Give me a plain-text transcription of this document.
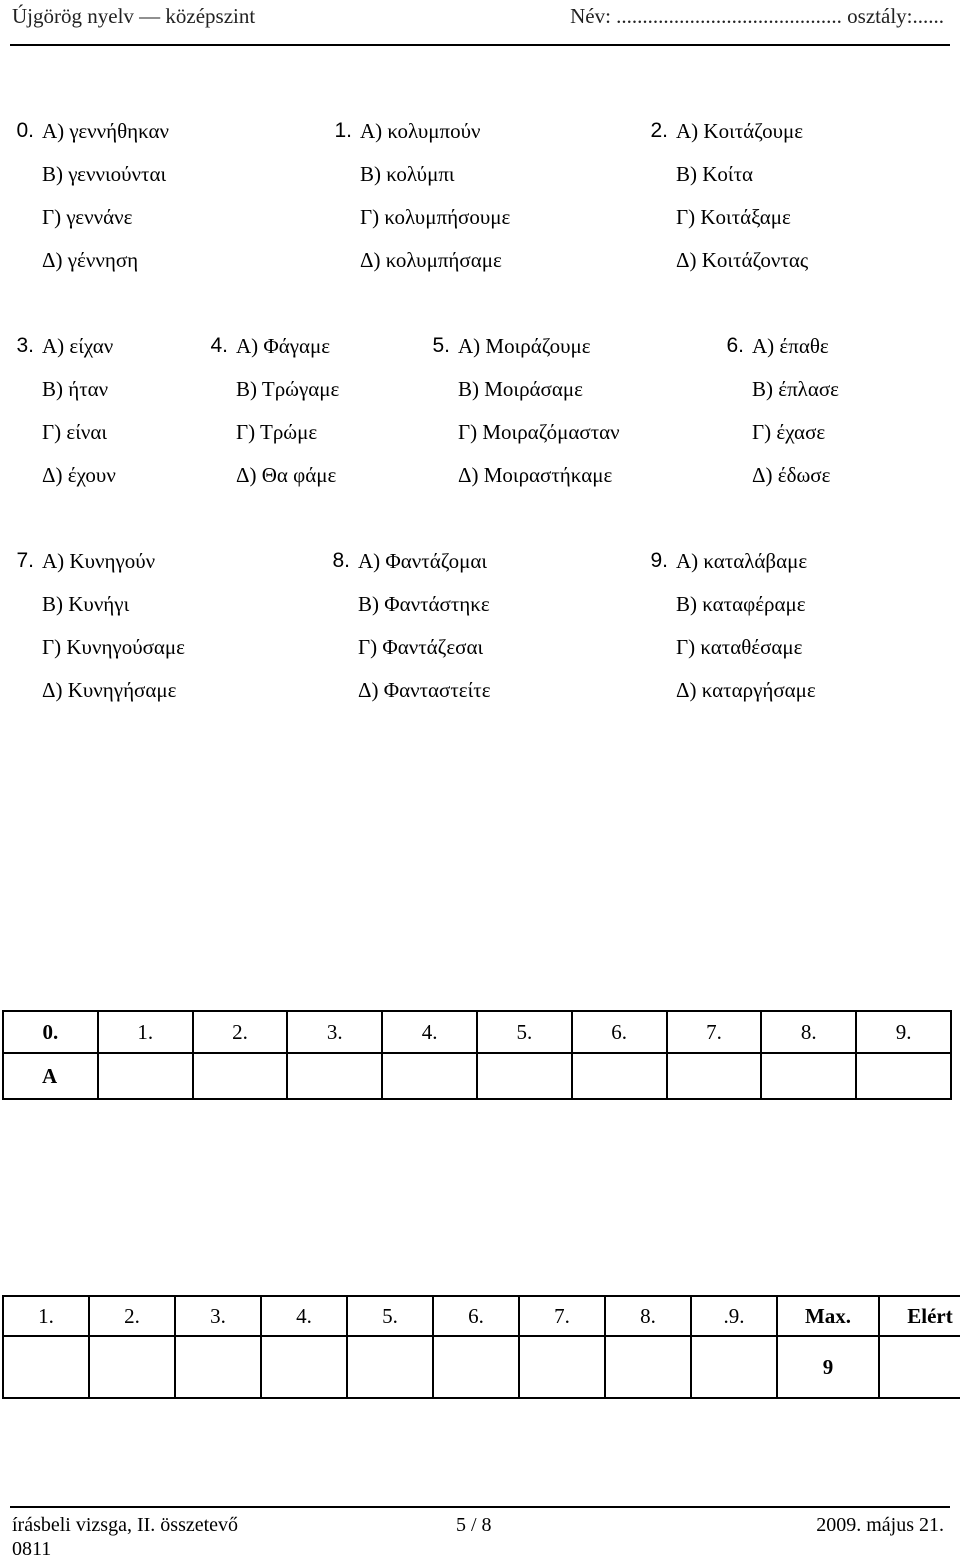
Újgörög nyelv — középszint	Név: ........................................... osztály:......
0. Α) γεννήθηκαν
Β) γεννιούνται
Γ) γεννάνε
Δ) γέννηση
1. Α) κολυμπούν
Β) κολύμπι
Γ) κολυμπήσουμε
Δ) κολυμπήσαμε
2. Α) Κοιτάζουμε
Β) Κοίτα
Γ) Κοιτάξαμε
Δ) Κοιτάζοντας
3. Α) είχαν
Β) ήταν
Γ) είναι
Δ) έχουν
4. Α) Φάγαμε
Β) Τρώγαμε
Γ) Τρώμε
Δ) Θα φάμε
5. Α) Μοιράζουμε
Β) Μοιράσαμε
Γ) Μοιραζόμασταν
Δ) Μοιραστήκαμε
6. Α) έπαθε
Β) έπλασε
Γ) έχασε
Δ) έδωσε
7. Α) Κυνηγούν
Β) Κυνήγι
Γ) Κυνηγούσαμε
Δ) Κυνηγήσαμε
8. Α) Φαντάζομαι
Β) Φαντάστηκε
Γ) Φαντάζεσαι
Δ) Φανταστείτε
9. Α) καταλάβαμε
Β) καταφέραμε
Γ) καταθέσαμε
Δ) καταργήσαμε
0.	1.	2.	3.	4.	5.	6.	7.	8.	9.
A									
1.	2.	3.	4.	5.	6.	7.	8.	.9.	Max.	Elért
									9	
írásbeli vizsga, II. összetevő
0811
5 / 8	2009. május 21.
